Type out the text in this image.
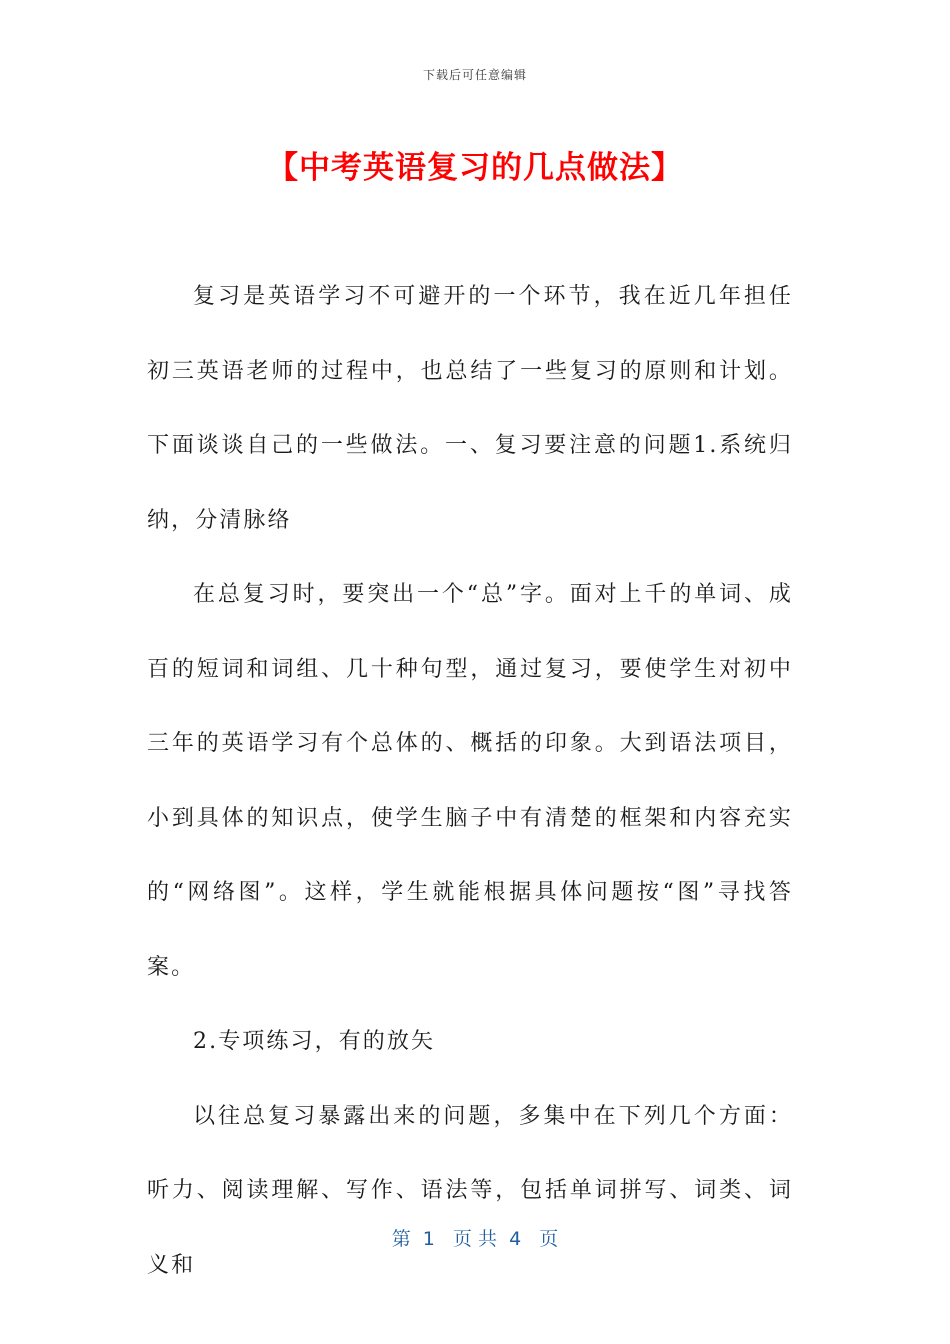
下载后可任意编辑
【中考英语复习的几点做法】

复习是英语学习不可避开的一个环节，我在近几年担任初三英语老师的过程中，也总结了一些复习的原则和计划。下面谈谈自己的一些做法。一、复习要注意的问题1.系统归纳，分清脉络

在总复习时，要突出一个“总”字。面对上千的单词、成百的短词和词组、几十种句型，通过复习，要使学生对初中三年的英语学习有个总体的、概括的印象。大到语法项目，小到具体的知识点，使学生脑子中有清楚的框架和内容充实的“网络图”。这样，学生就能根据具体问题按“图”寻找答案。

2.专项练习，有的放矢

以往总复习暴露出来的问题，多集中在下列几个方面：听力、阅读理解、写作、语法等，包括单词拼写、词类、词义和

第  1   页 共  4   页
